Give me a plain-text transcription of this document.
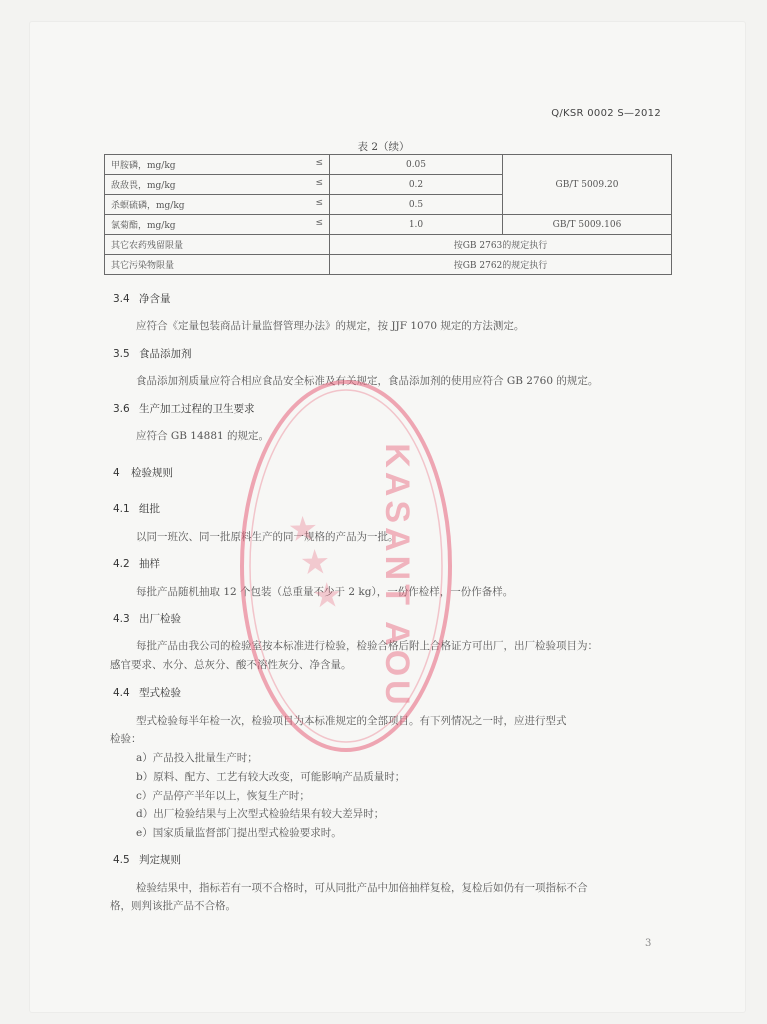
Q/KSR 0002 S—2012
表 2（续）
甲胺磷，mg/kg ≤	0.05	GB/T 5009.20
敌敌畏，mg/kg ≤	0.2	
杀螟硫磷，mg/kg ≤	0.5	
氯菊酯，mg/kg ≤	1.0	GB/T 5009.106
其它农药残留限量	按GB 2763的规定执行	
其它污染物限量	按GB 2762的规定执行	
3.4 净含量
应符合《定量包装商品计量监督管理办法》的规定，按 JJF 1070 规定的方法测定。
3.5 食品添加剂
食品添加剂质量应符合相应食品安全标准及有关规定，食品添加剂的使用应符合 GB 2760 的规定。
3.6 生产加工过程的卫生要求
应符合 GB 14881 的规定。
4 检验规则
4.1 组批
以同一班次、同一批原料生产的同一规格的产品为一批。
4.2 抽样
每批产品随机抽取 12 个包装（总重量不少于 2 kg），一份作检样，一份作备样。
4.3 出厂检验
每批产品由我公司的检验室按本标准进行检验，检验合格后附上合格证方可出厂，出厂检验项目为：
感官要求、水分、总灰分、酸不溶性灰分、净含量。
4.4 型式检验
型式检验每半年检一次，检验项目为本标准规定的全部项目。有下列情况之一时，应进行型式
检验：
a）产品投入批量生产时；
b）原料、配方、工艺有较大改变，可能影响产品质量时；
c）产品停产半年以上，恢复生产时；
d）出厂检验结果与上次型式检验结果有较大差异时；
e）国家质量监督部门提出型式检验要求时。
4.5 判定规则
检验结果中，指标若有一项不合格时，可从同批产品中加倍抽样复检，复检后如仍有一项指标不合
格，则判该批产品不合格。
3
KASANT AOU
★ ★ ★
